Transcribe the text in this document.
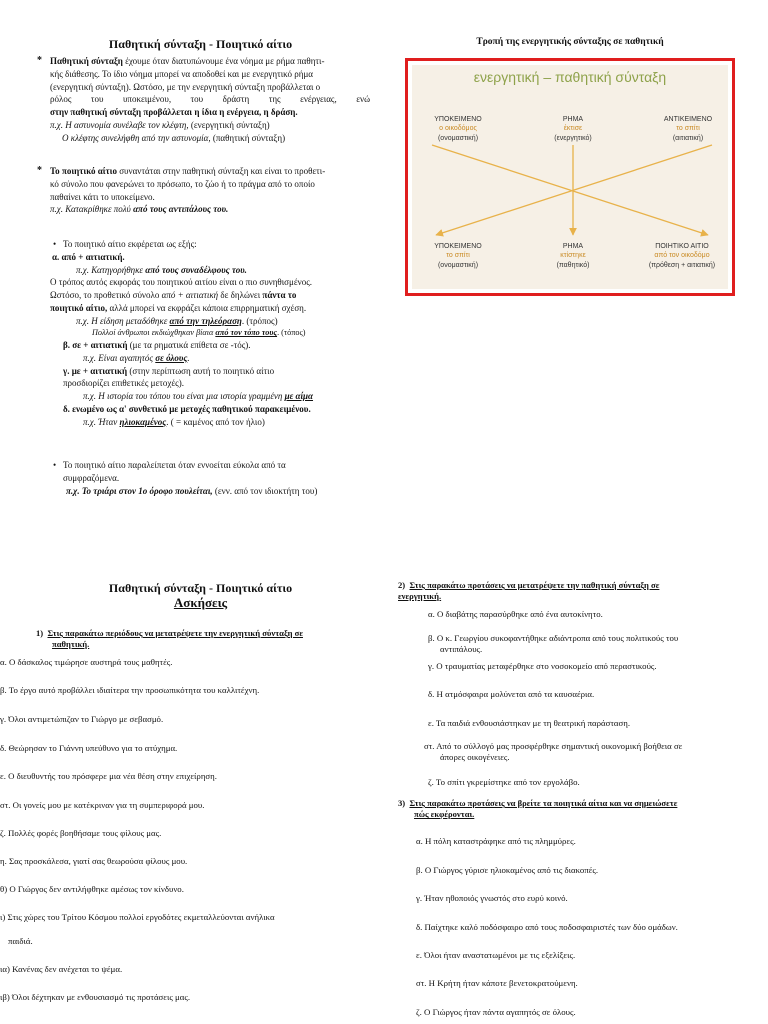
Παθητική σύνταξη - Ποιητικό αίτιο
* Παθητική σύνταξη έχουμε όταν διατυπώνουμε ένα νόημα με ρήμα παθητι-

κής διάθεσης. Το ίδιο νόημα μπορεί να αποδοθεί και με ενεργητικό ρήμα

(ενεργητική σύνταξη). Ωστόσο, με την ενεργητική σύνταξη προβάλλεται ο

ρόλος του υποκειμένου, του δράστη της ενέργειας, ενώ

στην παθητική σύνταξη προβάλλεται η ίδια η ενέργεια, η δράση.

π.χ. Η αστυνομία συνέλαβε τον κλέφτη, (ενεργητική σύνταξη)

Ο κλέφτης συνελήφθη από την αστυνομία, (παθητική σύνταξη)

* Το ποιητικό αίτιο συναντάται στην παθητική σύνταξη και είναι το προθετι-

κό σύνολο που φανερώνει το πρόσωπο, το ζώο ή το πράγμα από το οποίο

παθαίνει κάτι το υποκείμενο.

π.χ. Κατακρίθηκε πολύ από τους αντιπάλους του.

• Το ποιητικό αίτιο εκφέρεται ως εξής:

α. από + αιτιατική.

π.χ. Κατηγορήθηκε από τους συναδέλφους του.

Ο τρόπος αυτός εκφοράς του ποιητικού αιτίου είναι ο πιο συνηθισμένος.

Ωστόσο, το προθετικό σύνολο από + αιτιατική δε δηλώνει πάντα το

ποιητικό αίτιο, αλλά μπορεί να εκφράζει κάποια επιρρηματική σχέση.

π.χ. Η είδηση μεταδόθηκε από την τηλεόραση. (τρόπος)

Πολλοί άνθρωποι εκδιώχθηκαν βίαια από τον τόπο τους. (τόπος)

β. σε + αιτιατική (με τα ρηματικά επίθετα σε -τός).

π.χ. Είναι αγαπητός σε όλους.

γ. με + αιτιατική (στην περίπτωση αυτή το ποιητικό αίτιο

προσδιορίζει επιθετικές μετοχές).

π.χ. Η ιστορία του τόπου του είναι μια ιστορία γραμμένη με αίμα

δ. ενωμένο ως α' συνθετικό με μετοχές παθητικού παρακειμένου.

π.χ. Ήταν ηλιοκαμένος. ( = καμένος από τον ήλιο)

• Το ποιητικό αίτιο παραλείπεται όταν εννοείται εύκολα από τα

συμφραζόμενα.

π.χ. Το τριάρι στον 1ο όροφο πουλείται, (ενν. από τον ιδιοκτήτη του)

Τροπή της ενεργητικής σύνταξης σε παθητική
ενεργητική – παθητική σύνταξη
ΥΠΟΚΕΙΜΕΝΟ
ο οικοδόμος
(ονομαστική)
ΡΗΜΑ
έκτισε
(ενεργητικό)
ΑΝΤΙΚΕΙΜΕΝΟ
το σπίτι
(αιτιατική)
ΥΠΟΚΕΙΜΕΝΟ
το σπίτι
(ονομαστική)
ΡΗΜΑ
κτίστηκε
(παθητικό)
ΠΟΙΗΤΙΚΟ ΑΙΤΙΟ
από τον οικοδόμο
(πρόθεση + αιτιατική)
Παθητική σύνταξη - Ποιητικό αίτιο
Ασκήσεις

1) Στις παρακάτω περιόδους να μετατρέψετε την ενεργητική σύνταξη σε

παθητική.

α. Ο δάσκαλος τιμώρησε αυστηρά τους μαθητές.
β. Το έργο αυτό προβάλλει ιδιαίτερα την προσωπικότητα του καλλιτέχνη.
γ. Όλοι αντιμετώπιζαν το Γιώργο με σεβασμό.
δ. Θεώρησαν το Γιάννη υπεύθυνο για το ατύχημα.
ε. Ο διευθυντής του πρόσφερε μια νέα θέση στην επιχείρηση.
στ. Οι γονείς μου με κατέκριναν για τη συμπεριφορά μου.
ζ. Πολλές φορές βοηθήσαμε τους φίλους μας.
η. Σας προσκάλεσα, γιατί σας θεωρούσα φίλους μου.
θ) Ο Γιώργος δεν αντιλήφθηκε αμέσως τον κίνδυνο.
ι) Στις χώρες του Τρίτου Κόσμου πολλοί εργοδότες εκμεταλλεύονται ανήλικα
παιδιά.
ια) Κανένας δεν ανέχεται το ψέμα.
ιβ) Όλοι δέχτηκαν με ενθουσιασμό τις προτάσεις μας.

2) Στις παρακάτω προτάσεις να μετατρέψετε την παθητική σύνταξη σε

ενεργητική.

α. Ο διαβάτης παρασύρθηκε από ένα αυτοκίνητο.
β. Ο κ. Γεωργίου συκοφαντήθηκε αδιάντροπα από τους πολιτικούς του
αντιπάλους.
γ. Ο τραυματίας μεταφέρθηκε στο νοσοκομείο από περαστικούς.
δ. Η ατμόσφαιρα μολύνεται από τα καυσαέρια.
ε. Τα παιδιά ενθουσιάστηκαν με τη θεατρική παράσταση.
στ. Από το σύλλογό μας προσφέρθηκε σημαντική οικονομική βοήθεια σε
άπορες οικογένειες.
ζ. Το σπίτι γκρεμίστηκε από τον εργολάβο.

3) Στις παρακάτω προτάσεις να βρείτε τα ποιητικά αίτια και να σημειώσετε

πώς εκφέρονται.

α. Η πόλη καταστράφηκε από τις πλημμύρες.
β. Ο Γιώργος γύρισε ηλιοκαμένος από τις διακοπές.
γ. Ήταν ηθοποιός γνωστός στο ευρύ κοινό.
δ. Παίχτηκε καλό ποδόσφαιρο από τους ποδοσφαιριστές των δύο ομάδων.
ε. Όλοι ήταν αναστατωμένοι με τις εξελίξεις.
στ. Η Κρήτη ήταν κάποτε βενετοκρατούμενη.
ζ. Ο Γιώργος ήταν πάντα αγαπητός σε όλους.
